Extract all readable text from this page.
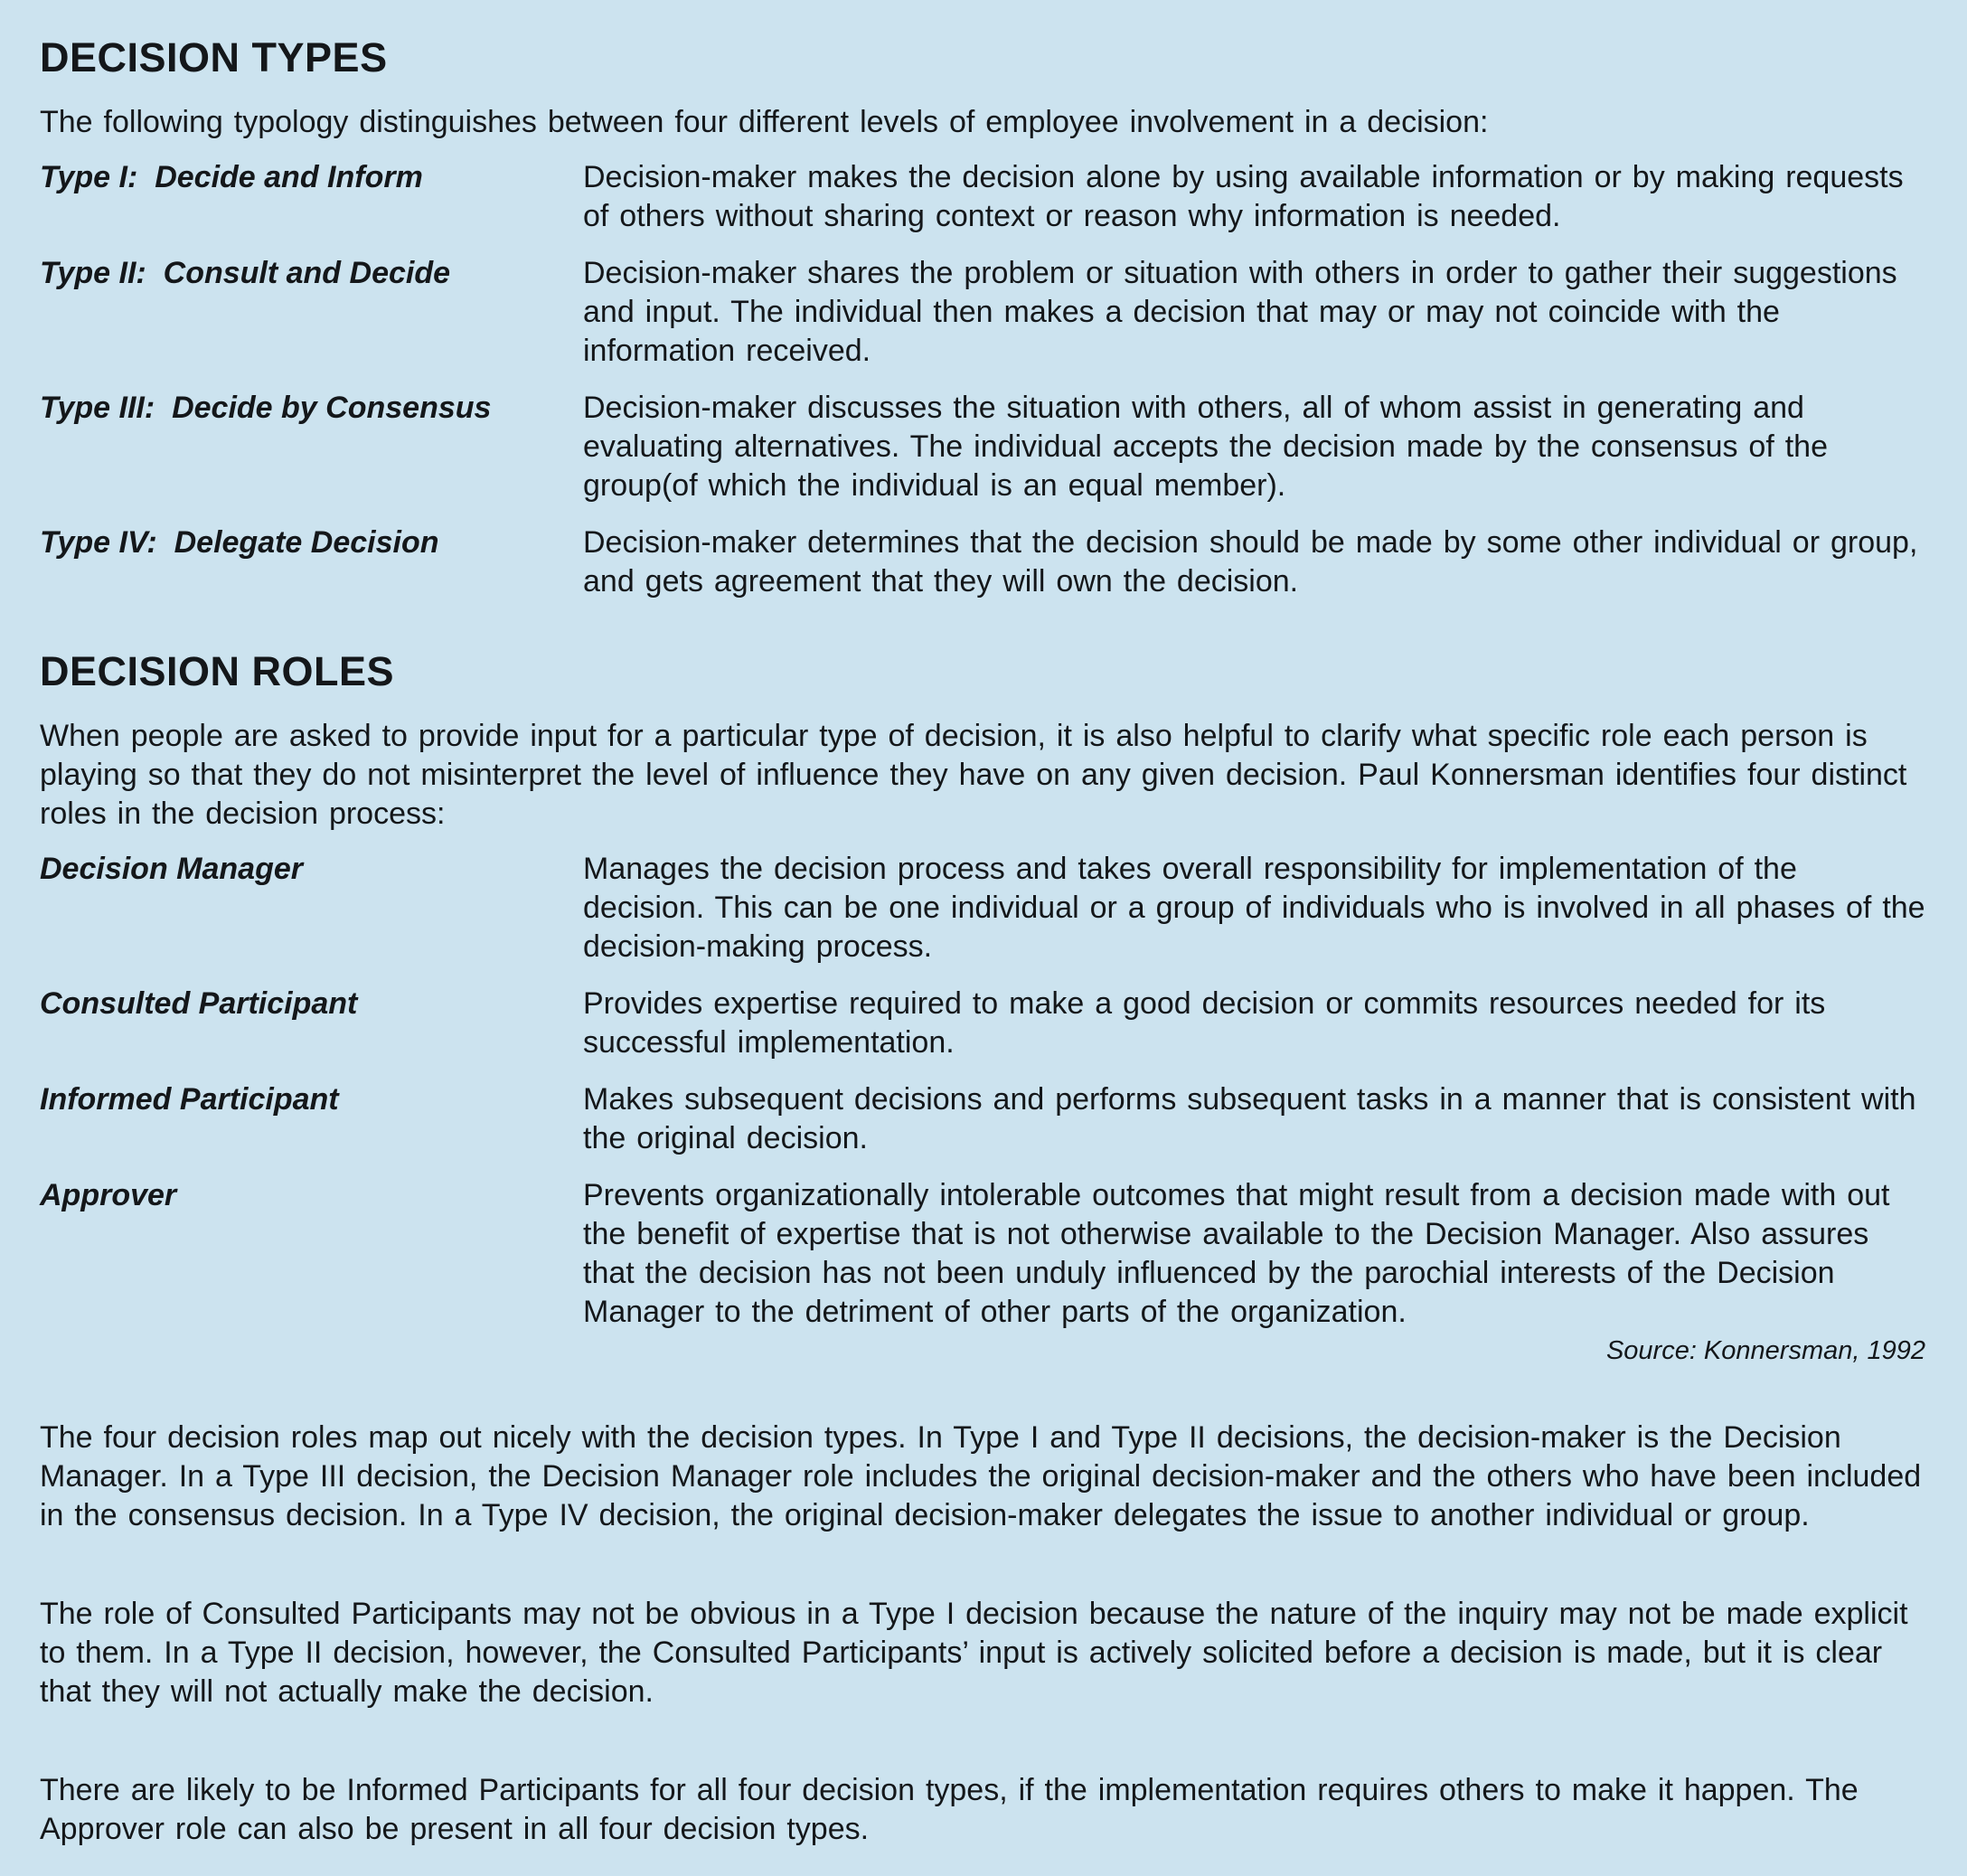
DECISION TYPES

The following typology distinguishes between four different levels of employee involvement in a decision:

Type I:  Decide and Inform	Decision-maker makes the decision alone by using available information or by making requests of others without sharing context or reason why information is needed.
Type II:  Consult and Decide	Decision-maker shares the problem or situation with others in order to gather their suggestions and input. The individual then makes a decision that may or may not coincide with the  information received.
Type III:  Decide by Consensus	Decision-maker discusses the situation with others, all of whom assist in generating and evaluating alternatives. The individual accepts the decision made by the consensus of the group(of which the individual is an equal member).
Type IV:  Delegate Decision	Decision-maker determines that the decision should be made by some other individual or group, and gets agreement that they will own the decision.
DECISION ROLES

When people are asked to provide input for a particular type of decision, it is also helpful to clarify what specific role each person is playing so that they do not misinterpret the level of influence they have on any given decision. Paul Konnersman identifies four distinct roles in the decision process:

Decision Manager	Manages the decision process and takes overall responsibility for implementation of the decision. This can be one individual or a group of individuals who is involved in all phases of the decision-making process.
Consulted Participant	Provides expertise required to make a good decision or commits resources needed for its successful implementation.
Informed Participant	Makes subsequent decisions and performs subsequent tasks in a manner that is consistent with the original decision.
Approver	Prevents organizationally intolerable outcomes that might result from a decision made with out the benefit of expertise that is not otherwise available to the Decision Manager. Also assures that the decision has not been unduly influenced by the parochial interests of the Decision Manager to the detriment of other parts of the organization.

Source: Konnersman, 1992

The four decision roles map out nicely with the decision types. In Type I and Type II decisions, the decision-maker is the Decision Manager. In a Type III decision, the Decision Manager role includes the original decision-maker and the others who have been included in the consensus decision. In a Type IV decision, the original decision-maker delegates the issue to another individual or group.

The role of Consulted Participants may not be obvious in a Type I decision because the nature of the inquiry may not be made explicit to them. In a Type II decision, however, the Consulted Participants’ input is actively solicited before a decision is made, but it is clear that they will not actually make the decision.

There are likely to be Informed Participants for all four decision types, if the implementation requires others to make it happen. The Approver role can also be present in all four decision types.
